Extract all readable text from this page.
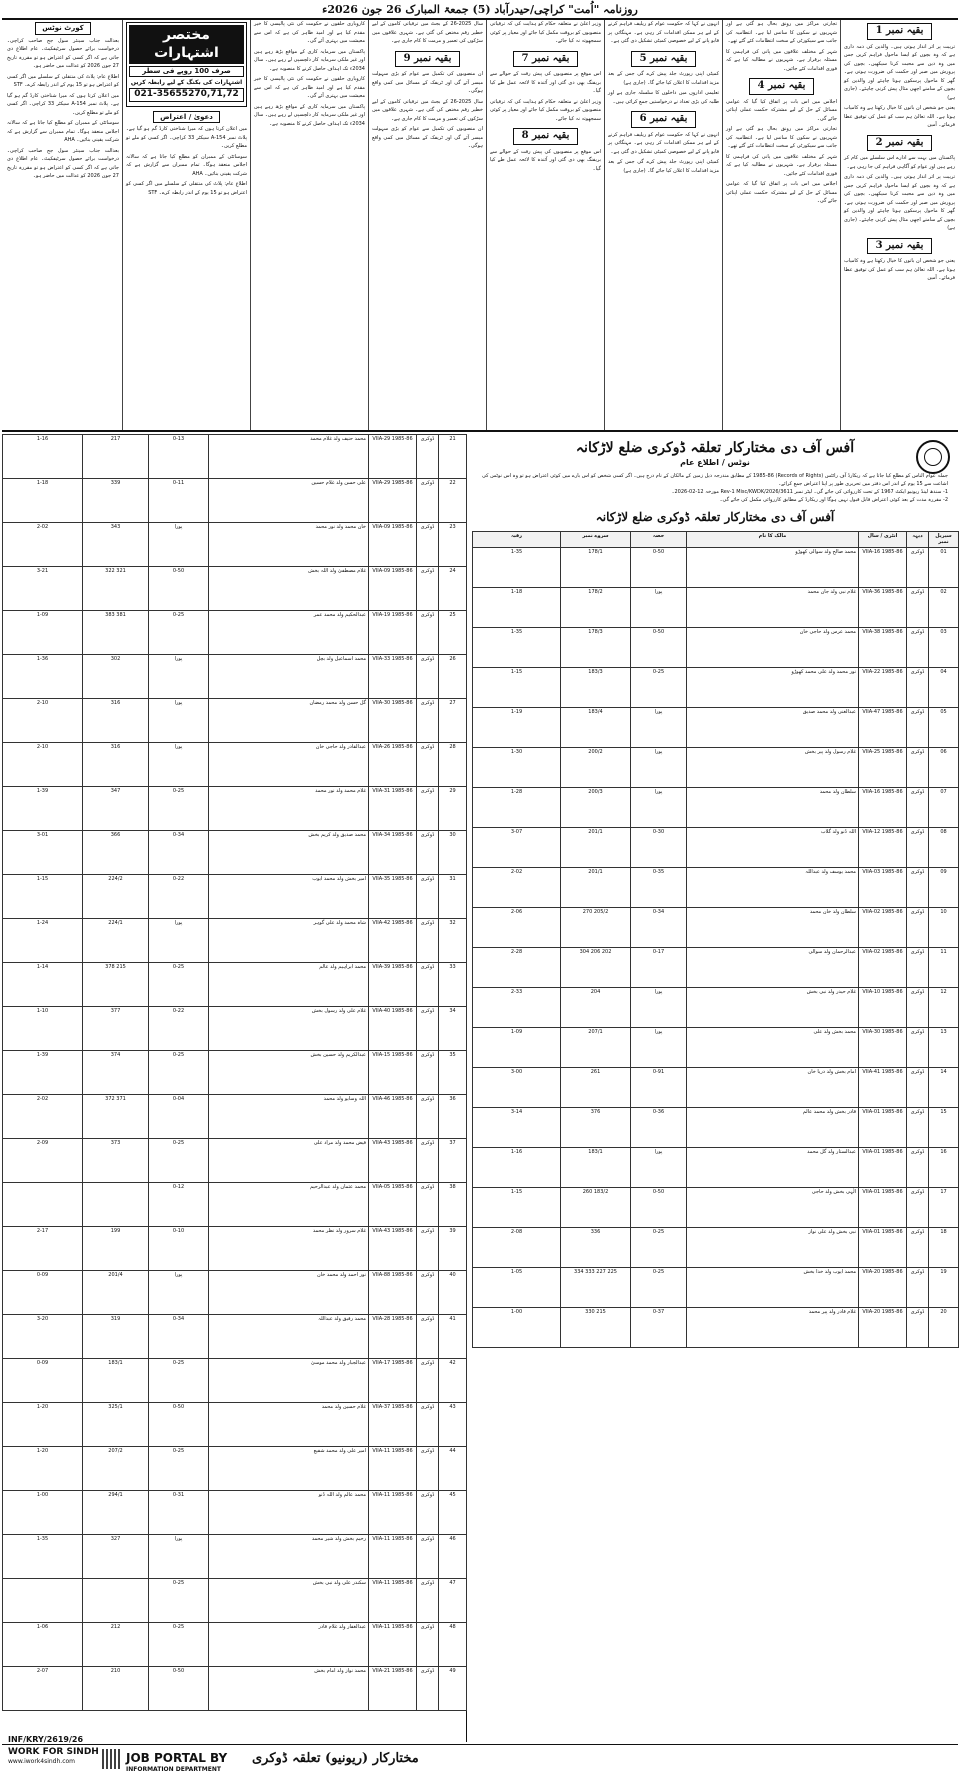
روزنامہ "اُمت" کراچی/حیدرآباد (5) جمعۃ المبارک 26 جون 2026ء
بقیہ نمبر 1

تربیت پر اثر انداز ہوتی ہیں۔ والدین کی ذمہ داری ہے کہ وہ بچوں کو ایسا ماحول فراہم کریں جس میں وہ دین سے محبت کرنا سیکھیں۔ بچوں کی پرورش میں صبر اور حکمت کی ضرورت ہوتی ہے۔ گھر کا ماحول پرسکون ہونا چاہئے اور والدین کو بچوں کے سامنے اچھی مثال پیش کرنی چاہئے۔ (جاری ہے)

یعنی جو شخص ان باتوں کا خیال رکھتا ہے وہ کامیاب ہوتا ہے۔ اللہ تعالیٰ ہم سب کو عمل کی توفیق عطا فرمائے۔ آمین

بقیہ نمبر 2

پاکستان میں بہت سے ادارے اس سلسلے میں کام کر رہے ہیں اور عوام کو آگاہی فراہم کی جا رہی ہے۔

تربیت پر اثر انداز ہوتی ہیں۔ والدین کی ذمہ داری ہے کہ وہ بچوں کو ایسا ماحول فراہم کریں جس میں وہ دین سے محبت کرنا سیکھیں۔ بچوں کی پرورش میں صبر اور حکمت کی ضرورت ہوتی ہے۔ گھر کا ماحول پرسکون ہونا چاہئے اور والدین کو بچوں کے سامنے اچھی مثال پیش کرنی چاہئے۔ (جاری ہے)

بقیہ نمبر 3

یعنی جو شخص ان باتوں کا خیال رکھتا ہے وہ کامیاب ہوتا ہے۔ اللہ تعالیٰ ہم سب کو عمل کی توفیق عطا فرمائے۔ آمین

تجارتی مراکز میں رونق بحال ہو گئی ہے اور شہریوں نے سکون کا سانس لیا ہے۔ انتظامیہ کی جانب سے سیکورٹی کے سخت انتظامات کئے گئے تھے۔

شہر کے مختلف علاقوں میں پانی کی فراہمی کا مسئلہ برقرار ہے۔ شہریوں نے مطالبہ کیا ہے کہ فوری اقدامات کئے جائیں۔

بقیہ نمبر 4

اجلاس میں اس بات پر اتفاق کیا گیا کہ عوامی مسائل کے حل کے لیے مشترکہ حکمت عملی اپنائی جائے گی۔

تجارتی مراکز میں رونق بحال ہو گئی ہے اور شہریوں نے سکون کا سانس لیا ہے۔ انتظامیہ کی جانب سے سیکورٹی کے سخت انتظامات کئے گئے تھے۔

شہر کے مختلف علاقوں میں پانی کی فراہمی کا مسئلہ برقرار ہے۔ شہریوں نے مطالبہ کیا ہے کہ فوری اقدامات کئے جائیں۔

اجلاس میں اس بات پر اتفاق کیا گیا کہ عوامی مسائل کے حل کے لیے مشترکہ حکمت عملی اپنائی جائے گی۔

انہوں نے کہا کہ حکومت عوام کو ریلیف فراہم کرنے کے لیے ہر ممکن اقدامات کر رہی ہے۔ مہنگائی پر قابو پانے کے لیے خصوصی کمیٹی تشکیل دی گئی ہے۔

بقیہ نمبر 5

کمیٹی اپنی رپورٹ جلد پیش کرے گی جس کے بعد مزید اقدامات کا اعلان کیا جائے گا۔ (جاری ہے)

تعلیمی اداروں میں داخلوں کا سلسلہ جاری ہے اور طلبہ کی بڑی تعداد نے درخواستیں جمع کرائی ہیں۔

بقیہ نمبر 6

انہوں نے کہا کہ حکومت عوام کو ریلیف فراہم کرنے کے لیے ہر ممکن اقدامات کر رہی ہے۔ مہنگائی پر قابو پانے کے لیے خصوصی کمیٹی تشکیل دی گئی ہے۔

کمیٹی اپنی رپورٹ جلد پیش کرے گی جس کے بعد مزید اقدامات کا اعلان کیا جائے گا۔ (جاری ہے)

وزیر اعلیٰ نے متعلقہ حکام کو ہدایت کی کہ ترقیاتی منصوبوں کو بروقت مکمل کیا جائے اور معیار پر کوئی سمجھوتہ نہ کیا جائے۔

بقیہ نمبر 7

اس موقع پر منصوبوں کی پیش رفت کے حوالے سے بریفنگ بھی دی گئی اور آئندہ کا لائحہ عمل طے کیا گیا۔

وزیر اعلیٰ نے متعلقہ حکام کو ہدایت کی کہ ترقیاتی منصوبوں کو بروقت مکمل کیا جائے اور معیار پر کوئی سمجھوتہ نہ کیا جائے۔

بقیہ نمبر 8

اس موقع پر منصوبوں کی پیش رفت کے حوالے سے بریفنگ بھی دی گئی اور آئندہ کا لائحہ عمل طے کیا گیا۔

سال 2025-26 کے بجٹ میں ترقیاتی کاموں کے لیے خطیر رقم مختص کی گئی ہے۔ شہری علاقوں میں سڑکوں کی تعمیر و مرمت کا کام جاری ہے۔

بقیہ نمبر 9

ان منصوبوں کی تکمیل سے عوام کو بڑی سہولت میسر آئے گی اور ٹریفک کے مسائل میں کمی واقع ہوگی۔

سال 2025-26 کے بجٹ میں ترقیاتی کاموں کے لیے خطیر رقم مختص کی گئی ہے۔ شہری علاقوں میں سڑکوں کی تعمیر و مرمت کا کام جاری ہے۔

ان منصوبوں کی تکمیل سے عوام کو بڑی سہولت میسر آئے گی اور ٹریفک کے مسائل میں کمی واقع ہوگی۔

کاروباری حلقوں نے حکومت کی نئی پالیسی کا خیر مقدم کیا ہے اور امید ظاہر کی ہے کہ اس سے معیشت میں بہتری آئے گی۔

پاکستان میں سرمایہ کاری کے مواقع بڑھ رہے ہیں اور غیر ملکی سرمایہ کار دلچسپی لے رہے ہیں۔ سال 2034ء تک اہداف حاصل کرنے کا منصوبہ ہے۔

کاروباری حلقوں نے حکومت کی نئی پالیسی کا خیر مقدم کیا ہے اور امید ظاہر کی ہے کہ اس سے معیشت میں بہتری آئے گی۔

پاکستان میں سرمایہ کاری کے مواقع بڑھ رہے ہیں اور غیر ملکی سرمایہ کار دلچسپی لے رہے ہیں۔ سال 2034ء تک اہداف حاصل کرنے کا منصوبہ ہے۔

مختصر اشتہارات
صرف 100 روپے فی سطر
اشتہارات کی بکنگ کے لیے رابطہ کریں
021-35655270,71,72
دعویٰ / اعتراض

میں اعلان کرتا ہوں کہ میرا شناختی کارڈ گم ہو گیا ہے۔ پلاٹ نمبر A-154 سیکٹر 33 کراچی۔ اگر کسی کو ملے تو مطلع کریں۔

سوسائٹی کے ممبران کو مطلع کیا جاتا ہے کہ سالانہ اجلاس منعقد ہوگا۔ تمام ممبران سے گزارش ہے کہ شرکت یقینی بنائیں۔ AHA

اطلاع عام: پلاٹ کی منتقلی کے سلسلے میں اگر کسی کو اعتراض ہو تو 15 یوم کے اندر رابطہ کرے۔ STF

کورٹ نوٹس

بعدالت جناب سینئر سول جج صاحب کراچی۔ درخواست برائے حصول سرٹیفکیٹ۔ عام اطلاع دی جاتی ہے کہ اگر کسی کو اعتراض ہو تو مقررہ تاریخ 27 جون 2026 کو عدالت میں حاضر ہو۔

اطلاع عام: پلاٹ کی منتقلی کے سلسلے میں اگر کسی کو اعتراض ہو تو 15 یوم کے اندر رابطہ کرے۔ STF

میں اعلان کرتا ہوں کہ میرا شناختی کارڈ گم ہو گیا ہے۔ پلاٹ نمبر A-154 سیکٹر 33 کراچی۔ اگر کسی کو ملے تو مطلع کریں۔

سوسائٹی کے ممبران کو مطلع کیا جاتا ہے کہ سالانہ اجلاس منعقد ہوگا۔ تمام ممبران سے گزارش ہے کہ شرکت یقینی بنائیں۔ AHA

بعدالت جناب سینئر سول جج صاحب کراچی۔ درخواست برائے حصول سرٹیفکیٹ۔ عام اطلاع دی جاتی ہے کہ اگر کسی کو اعتراض ہو تو مقررہ تاریخ 27 جون 2026 کو عدالت میں حاضر ہو۔

آفس آف دی مختارکار تعلقہ ڈوکری ضلع لاڑکانہ
نوٹس / اطلاع عام

جملہ عوام الناس کو مطلع کیا جاتا ہے کہ ریکارڈ آف رائٹس (Records of Rights) 1985-86 کے مطابق مندرجہ ذیل زمین کے مالکان کے نام درج ہیں۔ اگر کسی شخص کو اس بارے میں کوئی اعتراض ہو تو وہ اس نوٹس کی اشاعت سے 15 یوم کے اندر اس دفتر میں تحریری طور پر اپنا اعتراض جمع کرائے۔

1- سندھ لینڈ ریونیو ایکٹ 1967 کے تحت کارروائی کی جائے گی۔ لیٹر نمبر Rev-1 Misc/KWDK/2026/3611 مورخہ 12-02-2026۔

2- مقررہ مدت کے بعد کوئی اعتراض قابل قبول نہیں ہوگا اور ریکارڈ کے مطابق کارروائی مکمل کی جائے گی۔

آفس آف دی مختارکار تعلقہ ڈوکری ضلع لاڑکانہ
سیریل نمبر	دیہہ	انٹری / سال	مالک کا نام	حصہ	سروے نمبر	رقبہ
01	ڈوکری	VIIA-16 1985-86	محمد صالح ولد سوالی کھوڑو	0-50	178/1	1-35
02	ڈوکری	VIIA-36 1985-86	غلام نبی ولد جان محمد	پورا	178/2	1-18
03	ڈوکری	VIIA-38 1985-86	محمد عرس ولد حاجی خان	0-50	178/3	1-35
04	ڈوکری	VIIA-22 1985-86	نور محمد ولد علی محمد کھوڑو	0-25	183/3	1-15
05	ڈوکری	VIIA-47 1985-86	عبدالغنی ولد محمد صدیق	پورا	183/4	1-19
06	ڈوکری	VIIA-25 1985-86	غلام رسول ولد پیر بخش	پورا	200/2	1-30
07	ڈوکری	VIIA-16 1985-86	سلطان ولد محمد	پورا	200/3	1-28
08	ڈوکری	VIIA-12 1985-86	اللہ ڈنو ولد گلاب	0-30	201/1	3-07
09	ڈوکری	VIIA-03 1985-86	محمد یوسف ولد عبداللہ	0-35	201/1	2-02
10	ڈوکری	VIIA-02 1985-86	سلطان ولد خان محمد	0-34	205/2 270	2-06
11	ڈوکری	VIIA-02 1985-86	عبدالرحمان ولد سوالی	0-17	202 206 304	2-28
12	ڈوکری	VIIA-10 1985-86	غلام حیدر ولد نبی بخش	پورا	204	2-33
13	ڈوکری	VIIA-30 1985-86	محمد بخش ولد علی	پورا	207/1	1-09
14	ڈوکری	VIIA-41 1985-86	امام بخش ولد دریا خان	0-91	261	3-00
15	ڈوکری	VIIA-01 1985-86	قادر بخش ولد محمد عالم	0-36	376	3-14
16	ڈوکری	VIIA-01 1985-86	عبدالستار ولد گل محمد	پورا	183/1	1-16
17	ڈوکری	VIIA-01 1985-86	الٰہی بخش ولد حاجی	0-50	183/2 260	1-15
18	ڈوکری	VIIA-01 1985-86	نبی بخش ولد علی نواز	0-25	336	2-08
19	ڈوکری	VIIA-20 1985-86	محمد ایوب ولد خدا بخش	0-25	225 227 333 334	1-05
20	ڈوکری	VIIA-20 1985-86	غلام قادر ولد پیر محمد	0-37	215 330	1-00
21	ڈوکری	VIIA-29 1985-86	محمد حنیف ولد غلام محمد	0-13	217	1-16
22	ڈوکری	VIIA-29 1985-86	علی حسن ولد غلام حسین	0-11	339	1-18
23	ڈوکری	VIIA-09 1985-86	خان محمد ولد نور محمد	پورا	343	2-02
24	ڈوکری	VIIA-09 1985-86	غلام مصطفیٰ ولد اللہ بخش	0-50	321 322	3-21
25	ڈوکری	VIIA-19 1985-86	عبدالحکیم ولد محمد عمر	0-25	381 383	1-09
26	ڈوکری	VIIA-33 1985-86	محمد اسماعیل ولد بچل	پورا	302	1-36
27	ڈوکری	VIIA-30 1985-86	گل حسن ولد محمد رمضان	پورا	316	2-10
28	ڈوکری	VIIA-26 1985-86	عبدالقادر ولد حاجی خان	پورا	316	2-10
29	ڈوکری	VIIA-31 1985-86	غلام محمد ولد نور محمد	0-25	347	1-39
30	ڈوکری	VIIA-34 1985-86	محمد صدیق ولد کریم بخش	0-34	366	3-01
31	ڈوکری	VIIA-35 1985-86	امیر بخش ولد محمد ایوب	0-22	224/2	1-15
32	ڈوکری	VIIA-42 1985-86	شاہ محمد ولد علی گوہر	پورا	224/1	1-24
33	ڈوکری	VIIA-39 1985-86	محمد ابراہیم ولد عالم	0-25	215 378	1-14
34	ڈوکری	VIIA-40 1985-86	غلام علی ولد رسول بخش	0-22	377	1-10
35	ڈوکری	VIIA-15 1985-86	عبدالکریم ولد حسین بخش	0-25	374	1-39
36	ڈوکری	VIIA-46 1985-86	اللہ وسایو ولد محمد	0-04	371 372	2-02
37	ڈوکری	VIIA-43 1985-86	فیض محمد ولد مراد علی	0-25	373	2-09
38	ڈوکری	VIIA-05 1985-86	محمد عثمان ولد عبدالرحیم	0-12		
39	ڈوکری	VIIA-43 1985-86	غلام سرور ولد نظر محمد	0-10	199	2-17
40	ڈوکری	VIIA-88 1985-86	نور احمد ولد محمد خان	پورا	201/4	0-09
41	ڈوکری	VIIA-28 1985-86	محمد رفیق ولد عبداللہ	0-34	319	3-20
42	ڈوکری	VIIA-17 1985-86	عبدالجبار ولد محمد موسیٰ	0-25	183/1	0-09
43	ڈوکری	VIIA-37 1985-86	غلام حسین ولد محمد	0-50	325/1	1-20
44	ڈوکری	VIIA-11 1985-86	امیر علی ولد محمد شفیع	0-25	207/2	1-20
45	ڈوکری	VIIA-11 1985-86	محمد عالم ولد اللہ ڈنو	0-31	294/1	1-00
46	ڈوکری	VIIA-11 1985-86	رحیم بخش ولد شیر محمد	پورا	327	1-35
47	ڈوکری	VIIA-11 1985-86	سکندر علی ولد نبی بخش	0-25		
48	ڈوکری	VIIA-11 1985-86	عبدالغفار ولد غلام قادر	0-25	212	1-06
49	ڈوکری	VIIA-21 1985-86	محمد نواز ولد امام بخش	0-50	210	2-07
INF/KRY/2619/26
WORK FOR SINDH
www.iwork4sindh.com	JOB PORTAL BY
INFORMATION DEPARTMENT
مختارکار (ریونیو) تعلقہ ڈوکری
